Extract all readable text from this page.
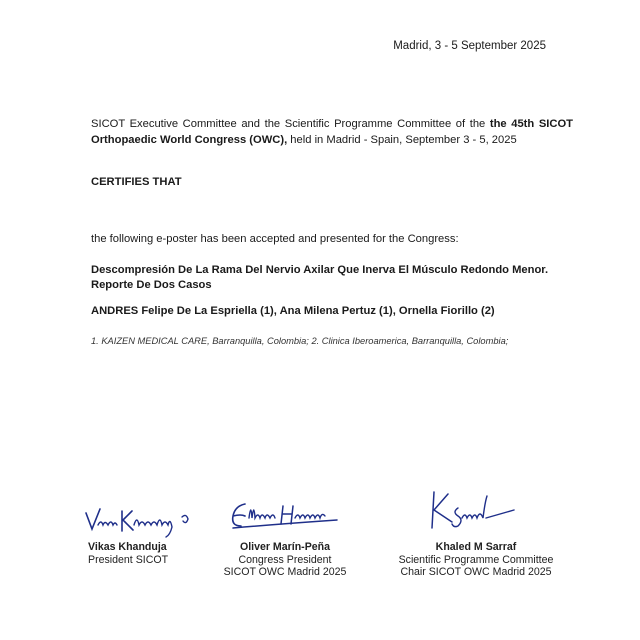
Madrid, 3 - 5 September 2025
SICOT Executive Committee and the Scientific Programme Committee of the the 45th SICOT Orthopaedic World Congress (OWC), held in Madrid - Spain, September 3 - 5, 2025
CERTIFIES THAT
the following e-poster has been accepted and presented for the Congress:
Descompresión De La Rama Del Nervio Axilar Que Inerva El Músculo Redondo Menor. Reporte De Dos Casos
ANDRES Felipe De La Espriella (1), Ana Milena Pertuz (1), Ornella Fiorillo (2)
1. KAIZEN MEDICAL CARE, Barranquilla, Colombia; 2. Clinica Iberoamerica, Barranquilla, Colombia;
Vikas Khanduja
President SICOT
Oliver Marín-Peña
Congress President
SICOT OWC Madrid 2025
Khaled M Sarraf
Scientific Programme Committee
Chair SICOT OWC Madrid 2025
